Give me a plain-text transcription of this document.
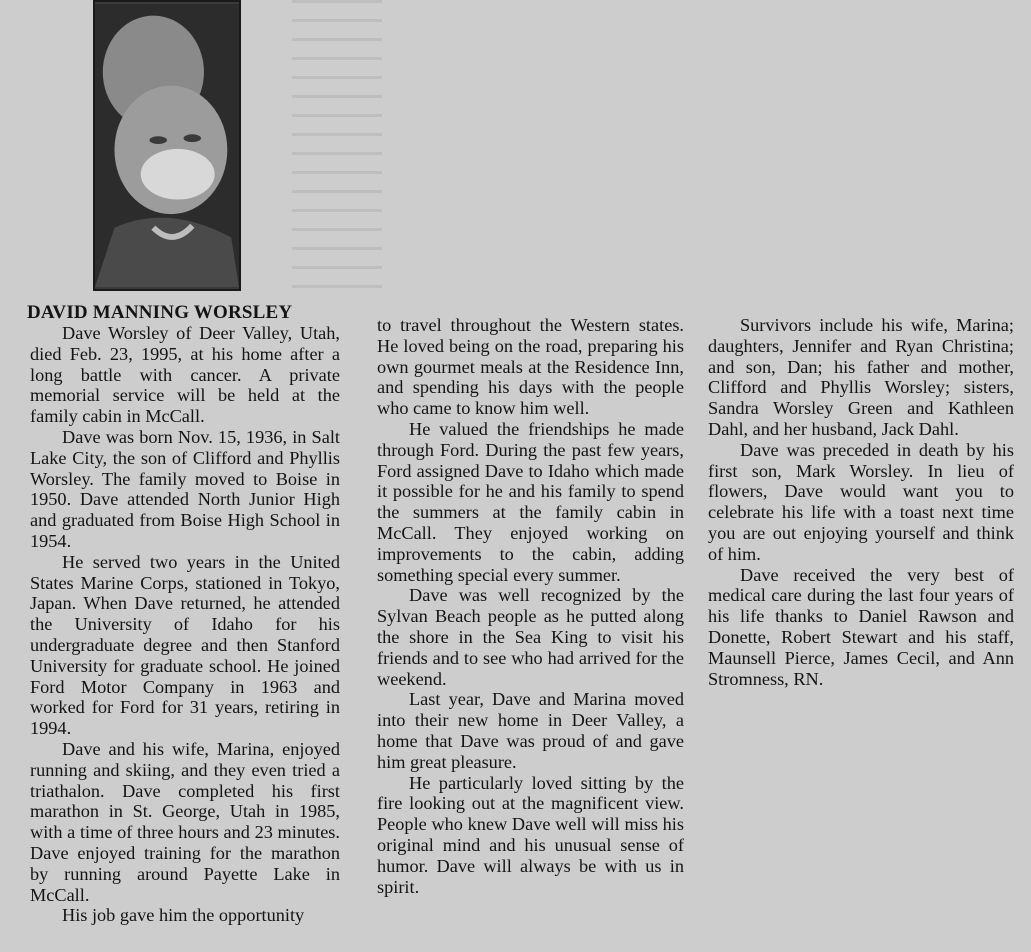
DAVID MANNING WORSLEY

Dave Worsley of Deer Valley, Utah, died Feb. 23, 1995, at his home after a long battle with cancer. A private memorial service will be held at the family cabin in McCall.

Dave was born Nov. 15, 1936, in Salt Lake City, the son of Clifford and Phyllis Worsley. The family moved to Boise in 1950. Dave attended North Junior High and graduated from Boise High School in 1954.

He served two years in the United States Marine Corps, stationed in Tokyo, Japan. When Dave returned, he attended the University of Idaho for his undergraduate degree and then Stanford University for graduate school. He joined Ford Motor Company in 1963 and worked for Ford for 31 years, retiring in 1994.

Dave and his wife, Marina, enjoyed running and skiing, and they even tried a triathalon. Dave completed his first marathon in St. George, Utah in 1985, with a time of three hours and 23 minutes. Dave enjoyed training for the marathon by running around Payette Lake in McCall.

His job gave him the opportunity

to travel throughout the Western states. He loved being on the road, preparing his own gourmet meals at the Residence Inn, and spending his days with the people who came to know him well.

He valued the friendships he made through Ford. During the past few years, Ford assigned Dave to Idaho which made it possible for he and his family to spend the summers at the family cabin in McCall. They enjoyed working on improvements to the cabin, adding something special every summer.

Dave was well recognized by the Sylvan Beach people as he putted along the shore in the Sea King to visit his friends and to see who had arrived for the weekend.

Last year, Dave and Marina moved into their new home in Deer Valley, a home that Dave was proud of and gave him great pleasure.

He particularly loved sitting by the fire looking out at the magnificent view. People who knew Dave well will miss his original mind and his unusual sense of humor. Dave will always be with us in spirit.

Survivors include his wife, Marina; daughters, Jennifer and Ryan Christina; and son, Dan; his father and mother, Clifford and Phyllis Worsley; sisters, Sandra Worsley Green and Kathleen Dahl, and her husband, Jack Dahl.

Dave was preceded in death by his first son, Mark Worsley. In lieu of flowers, Dave would want you to celebrate his life with a toast next time you are out enjoying yourself and think of him.

Dave received the very best of medical care during the last four years of his life thanks to Daniel Rawson and Donette, Robert Stewart and his staff, Maunsell Pierce, James Cecil, and Ann Stromness, RN.
